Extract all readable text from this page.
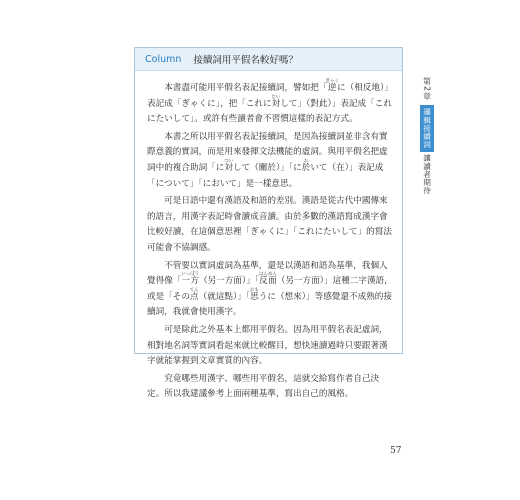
Column 接續詞用平假名較好嗎？

本書盡可能用平假名表記接續詞，譬如把「逆ぎゃくに（相反地）」表記成「ぎゃくに」，把「これに対たいして」（對此）」表記成「これにたいして」。或許有些讀者會不習慣這樣的表記方式。

本書之所以用平假名表記接續詞，是因為接續詞並非含有實際意義的實詞，而是用來發揮文法機能的虛詞。與用平假名把虛詞中的複合助詞「に対ついして（關於）」「に於おいて（在）」表記成「について」「において」是一樣意思。

可是日語中還有漢語及和語的差別。漢語是從古代中國傳來的語言，用漢字表記時會讀成音讀。由於多數的漢語寫成漢字會比較好讀，在這個意思裡「ぎゃくに」「これにたいして」的寫法可能會不協調感。

不管要以實詞虛詞為基準，還是以漢語和語為基準，我個人覺得像「一方いっぽう（另一方面）」「反面はんめん（另一方面）」這種二字漢語，或是「その点てん（就這點）」「思おもうに（想來）」等感覺還不成熟的接續詞，我就會使用漢字。

可是除此之外基本上都用平假名。因為用平假名表記虛詞，相對地名詞等實詞看起來就比較醒目，想快速讀過時只要跟著漢字就能掌握到文章實質的內容。

究竟哪些用漢字、哪些用平假名，這就交給寫作者自己決定。所以我建議參考上面兩種基準，寫出自己的風格。

第2章
邏輯接續詞
讓讀者期待
57
